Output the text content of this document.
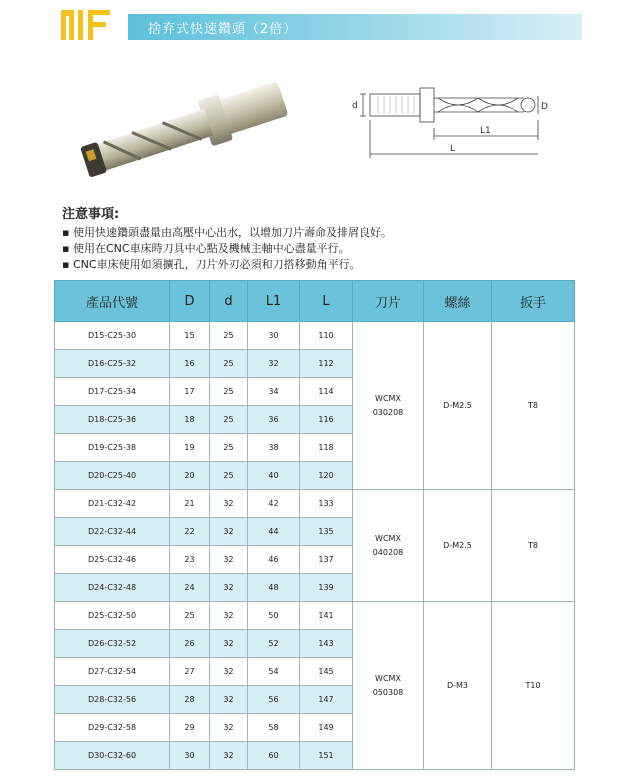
捨弃式快速鑽頭（2倍）
d	D
L1
L
注意事項:
▪ 使用快速鑽頭盡量由高壓中心出水，以增加刀片壽命及排屑良好。
▪ 使用在CNC車床時刀具中心點及機械主軸中心盡量平行。
▪ CNC車床使用如須擴孔，刀片外刃必須和刀搭移動角平行。
產品代號	D	d	L1	L	刀片	螺絲	扳手
D15-C25-30	15	25	30	110	WCMX
030208	D-M2.5	T8
D16-C25-32	16	25	32	112			
D17-C25-34	17	25	34	114			
D18-C25-36	18	25	36	116			
D19-C25-38	19	25	38	118			
D20-C25-40	20	25	40	120			
D21-C32-42	21	32	42	133	WCMX
040208	D-M2.5	T8
D22-C32-44	22	32	44	135			
D25-C32-46	23	32	46	137			
D24-C32-48	24	32	48	139			
D25-C32-50	25	32	50	141	WCMX
050308	D-M3	T10
D26-C32-52	26	32	52	143			
D27-C32-54	27	32	54	145			
D28-C32-56	28	32	56	147			
D29-C32-58	29	32	58	149			
D30-C32-60	30	32	60	151			
